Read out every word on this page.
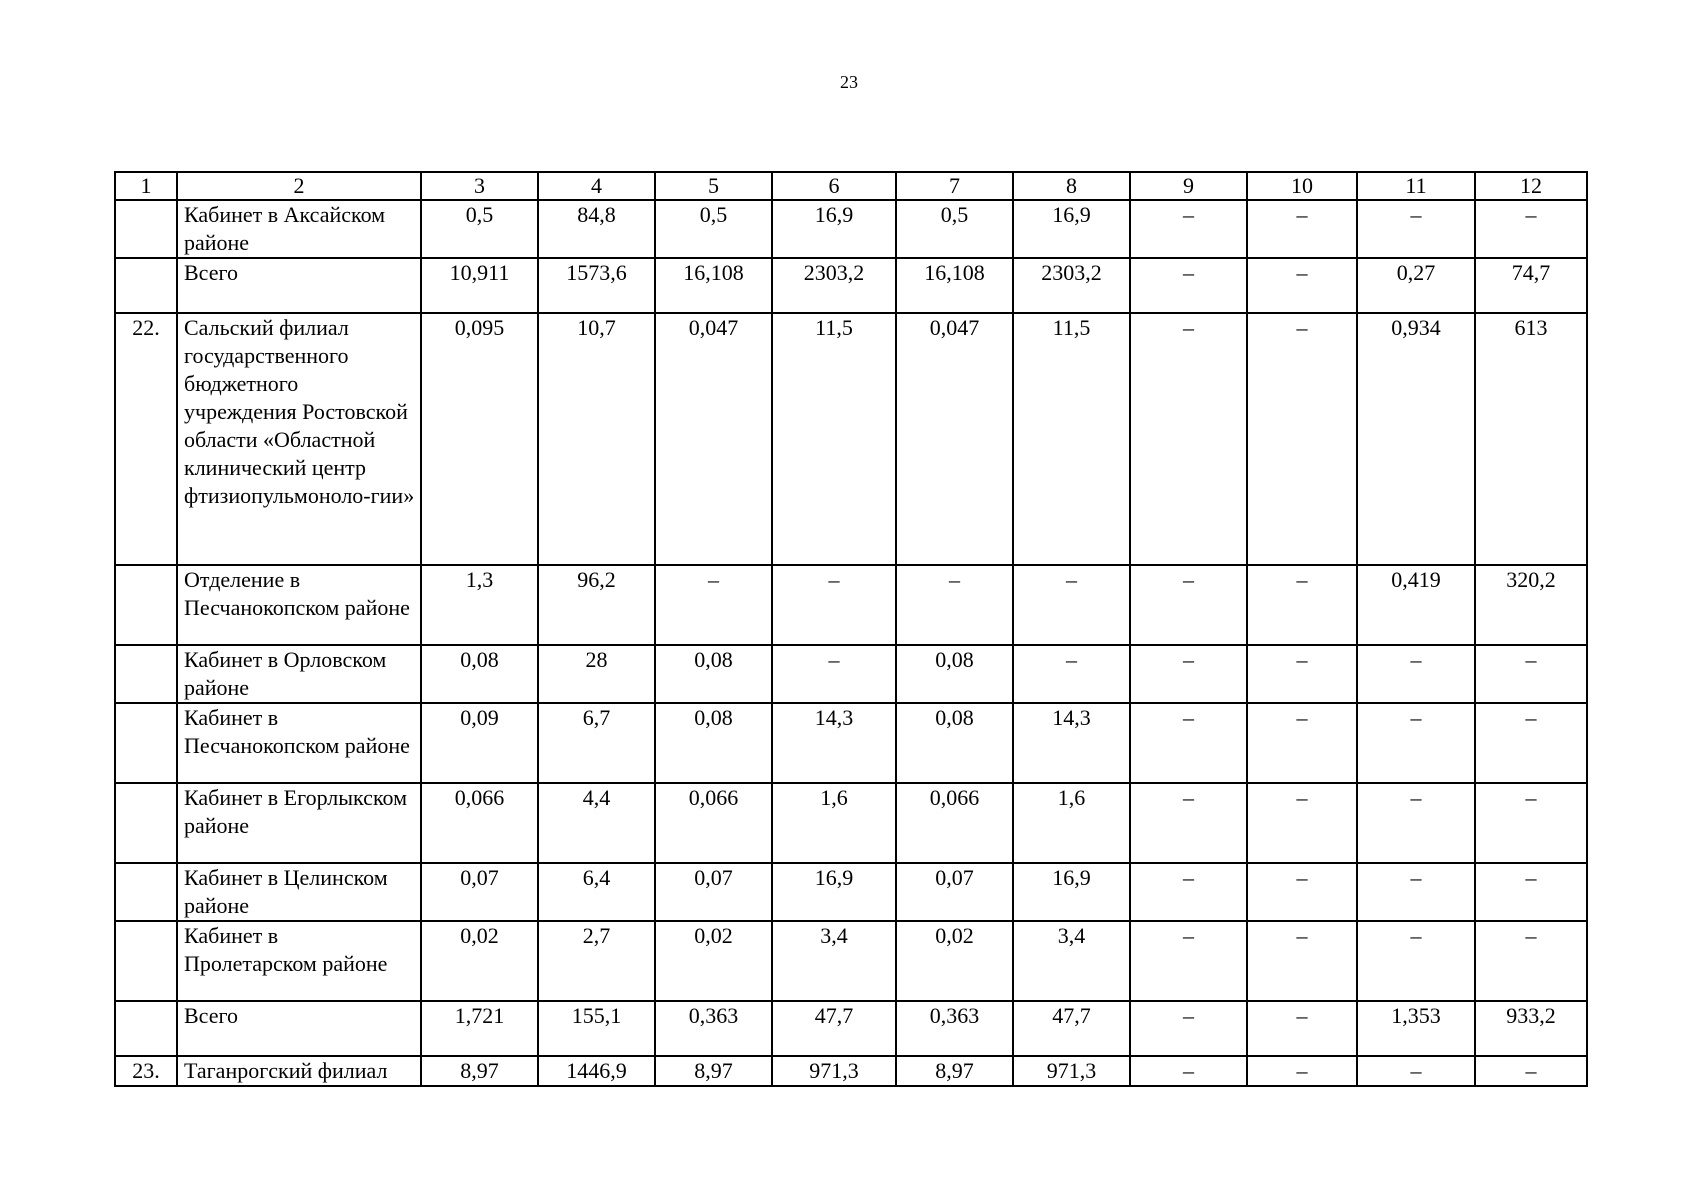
23
1	2	3	4	5	6	7	8	9	10	11	12
	Кабинет в Аксайском районе	0,5	84,8	0,5	16,9	0,5	16,9	–	–	–	–
	Всего	10,911	1573,6	16,108	2303,2	16,108	2303,2	–	–	0,27	74,7
22.	Сальский филиал государственного бюджетного учреждения Ростовской области «Областной клинический центр фтизиопульмоноло-гии»	0,095	10,7	0,047	11,5	0,047	11,5	–	–	0,934	613
	Отделение в Песчанокопском районе	1,3	96,2	–	–	–	–	–	–	0,419	320,2
	Кабинет в Орловском районе	0,08	28	0,08	–	0,08	–	–	–	–	–
	Кабинет в Песчанокопском районе	0,09	6,7	0,08	14,3	0,08	14,3	–	–	–	–
	Кабинет в Егорлыкском районе	0,066	4,4	0,066	1,6	0,066	1,6	–	–	–	–
	Кабинет в Целинском районе	0,07	6,4	0,07	16,9	0,07	16,9	–	–	–	–
	Кабинет в Пролетарском районе	0,02	2,7	0,02	3,4	0,02	3,4	–	–	–	–
	Всего	1,721	155,1	0,363	47,7	0,363	47,7	–	–	1,353	933,2
23.	Таганрогский филиал	8,97	1446,9	8,97	971,3	8,97	971,3	–	–	–	–
